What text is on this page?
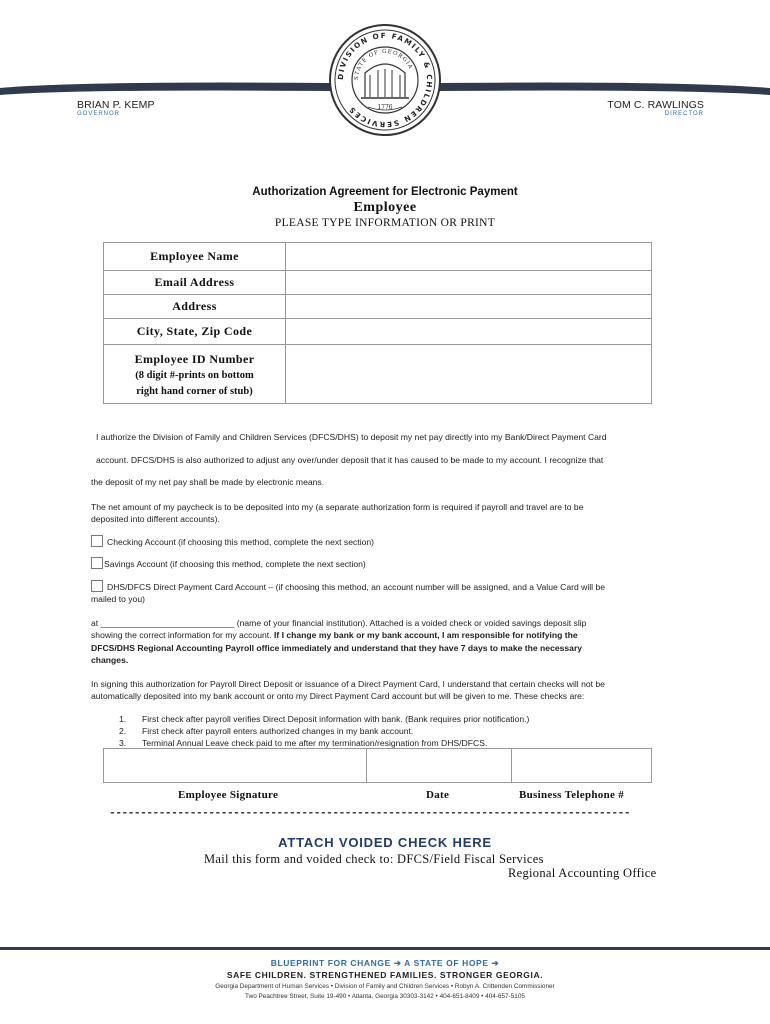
BRIAN P. KEMP
GOVERNOR
TOM C. RAWLINGS
DIRECTOR
DIVISION OF FAMILY & CHILDREN SERVICES
STATE OF GEORGIA
1776
Authorization Agreement for Electronic Payment
Employee
PLEASE TYPE INFORMATION OR PRINT
Employee Name	
Email Address	
Address	
City, State, Zip Code	

Employee ID Number
(8 digit #-prints on bottom
right hand corner of stub)	

I authorize the Division of Family and Children Services (DFCS/DHS) to deposit my net pay directly into my Bank/Direct Payment Card
account. DFCS/DHS is also authorized to adjust any over/under deposit that it has caused to be made to my account. I recognize that
the deposit of my net pay shall be made by electronic means.
The net amount of my paycheck is to be deposited into my (a separate authorization form is required if payroll and travel are to be
deposited into different accounts).
Checking Account (if choosing this method, complete the next section)
Savings Account (if choosing this method, complete the next section)
DHS/DFCS Direct Payment Card Account – (if choosing this method, an account number will be assigned, and a Value Card will be
mailed to you)
at ____________________________ (name of your financial institution). Attached is a voided check or voided savings deposit slip
showing the correct information for my account. If I change my bank or my bank account, I am responsible for notifying the
DFCS/DHS Regional Accounting Payroll office immediately and understand that they have 7 days to make the necessary
changes.
In signing this authorization for Payroll Direct Deposit or issuance of a Direct Payment Card, I understand that certain checks will not be
automatically deposited into my bank account or onto my Direct Payment Card account but will be given to me. These checks are:
1. First check after payroll verifies Direct Deposit information with bank. (Bank requires prior notification.)
2. First check after payroll enters authorized changes in my bank account.
3. Terminal Annual Leave check paid to me after my termination/resignation from DHS/DFCS.

Employee Signature	Date	Business Telephone #
------------------------------------------------------------------------------------
ATTACH VOIDED CHECK HERE
Mail this form and voided check to: DFCS/Field Fiscal Services
Regional Accounting Office
BLUEPRINT FOR CHANGE ➔ A STATE OF HOPE ➔
SAFE CHILDREN. STRENGTHENED FAMILIES. STRONGER GEORGIA.
Georgia Department of Human Services • Division of Family and Children Services • Robyn A. Crittenden Commissioner
Two Peachtree Street, Suite 19-490 • Atlanta, Georgia 30303-3142 • 404-651-8409 • 404-657-5105
